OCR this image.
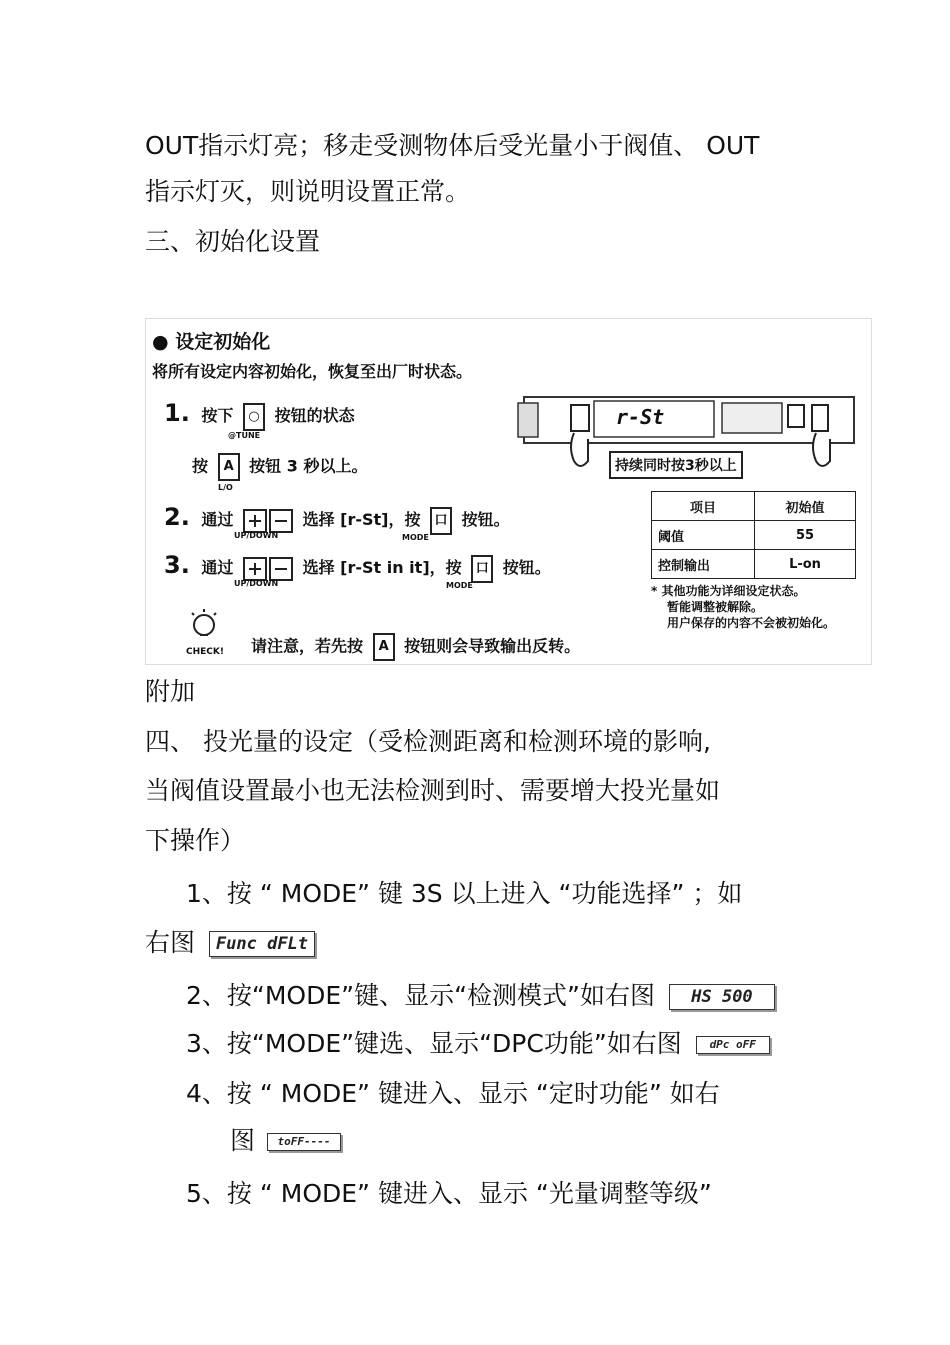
OUT指示灯亮；移走受测物体后受光量小于阀值、 OUT
指示灯灭，则说明设置正常。
三、初始化设置
● 设定初始化
将所有设定内容初始化，恢复至出厂时状态。
1. 按下 ○ 按钮的状态
@TUNE
按 A 按钮 3 秒以上。
L/O
2. 通过	选择 [r-St]，按 口 按钮。
UP/DOWN	MODE
3. 通过	选择 [r-St in it]，按 口 按钮。
UP/DOWN	MODE
CHECK! 请注意，若先按 A 按钮则会导致输出反转。
r-St
持续同时按3秒以上
项目	初始值
阈值	55
控制输出	L-on
* 其他功能为详细设定状态。
暂能调整被解除。
用户保存的内容不会被初始化。
附加
四、 投光量的设定（受检测距离和检测环境的影响,
当阀值设置最小也无法检测到时、需要增大投光量如
下操作）
1、按 “ MODE” 键 3S 以上进入 “功能选择” ；如
右图 Func dFLt
2、按“MODE”键、显示“检测模式”如右图 HS 500
3、按“MODE”键选、显示“DPC功能”如右图	dPc oFF
4、按 “ MODE” 键进入、显示 “定时功能” 如右
图 toFF----
5、按 “ MODE” 键进入、显示 “光量调整等级”
